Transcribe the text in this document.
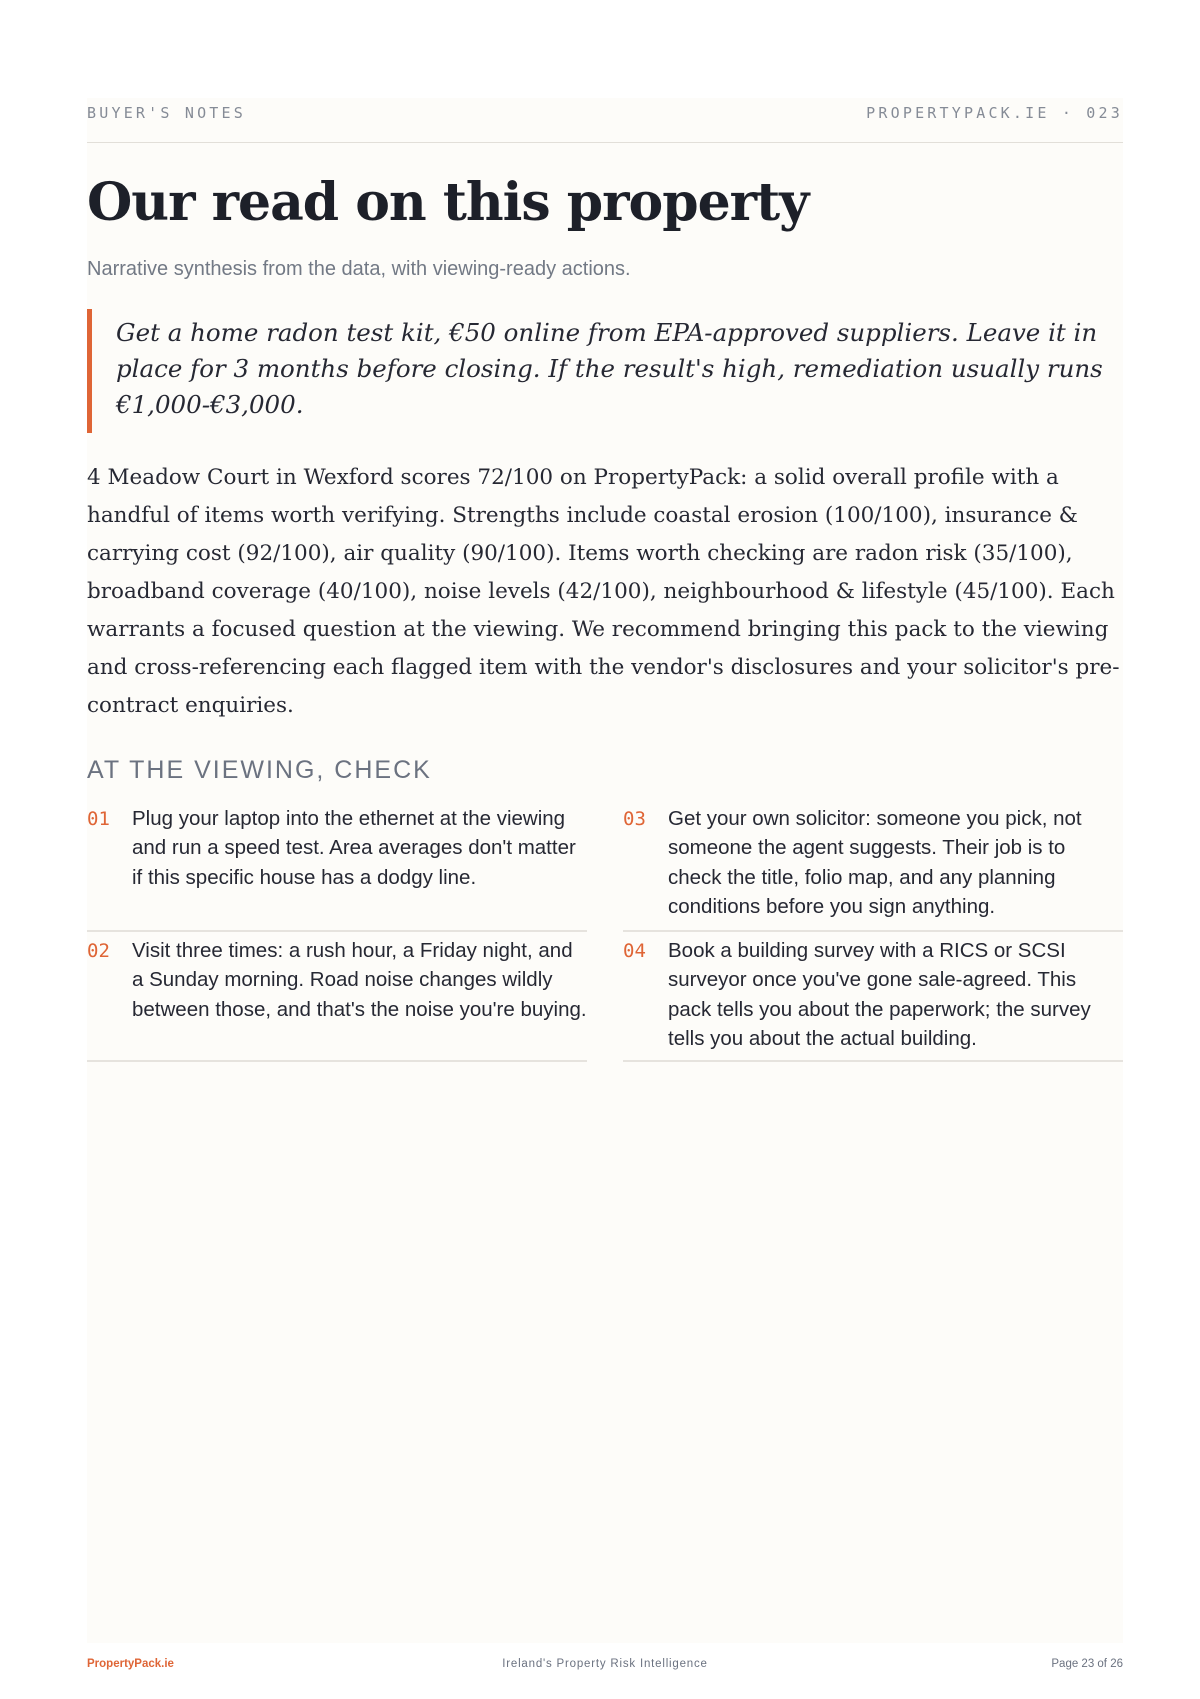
BUYER'S NOTES	PROPERTYPACK.IE · 023
Our read on this property
Narrative synthesis from the data, with viewing-ready actions.

Get a home radon test kit, €50 online from EPA-approved suppliers. Leave it in place for 3 months before closing. If the result's high, remediation usually runs €1,000-€3,000.

4 Meadow Court in Wexford scores 72/100 on PropertyPack: a solid overall profile with a handful of items worth verifying. Strengths include coastal erosion (100/100), insurance & carrying cost (92/100), air quality (90/100). Items worth checking are radon risk (35/100), broadband coverage (40/100), noise levels (42/100), neighbourhood & lifestyle (45/100). Each warrants a focused question at the viewing. We recommend bringing this pack to the viewing and cross-referencing each flagged item with the vendor's disclosures and your solicitor's pre-contract enquiries.

AT THE VIEWING, CHECK
01 Plug your laptop into the ethernet at the viewing and run a speed test. Area averages don't matter if this specific house has a dodgy line.

02 Visit three times: a rush hour, a Friday night, and a Sunday morning. Road noise changes wildly between those, and that's the noise you're buying.

03 Get your own solicitor: someone you pick, not someone the agent suggests. Their job is to check the title, folio map, and any planning conditions before you sign anything.

04 Book a building survey with a RICS or SCSI surveyor once you've gone sale-agreed. This pack tells you about the paperwork; the survey tells you about the actual building.

PropertyPack.ie	Ireland's Property Risk Intelligence	Page 23 of 26
